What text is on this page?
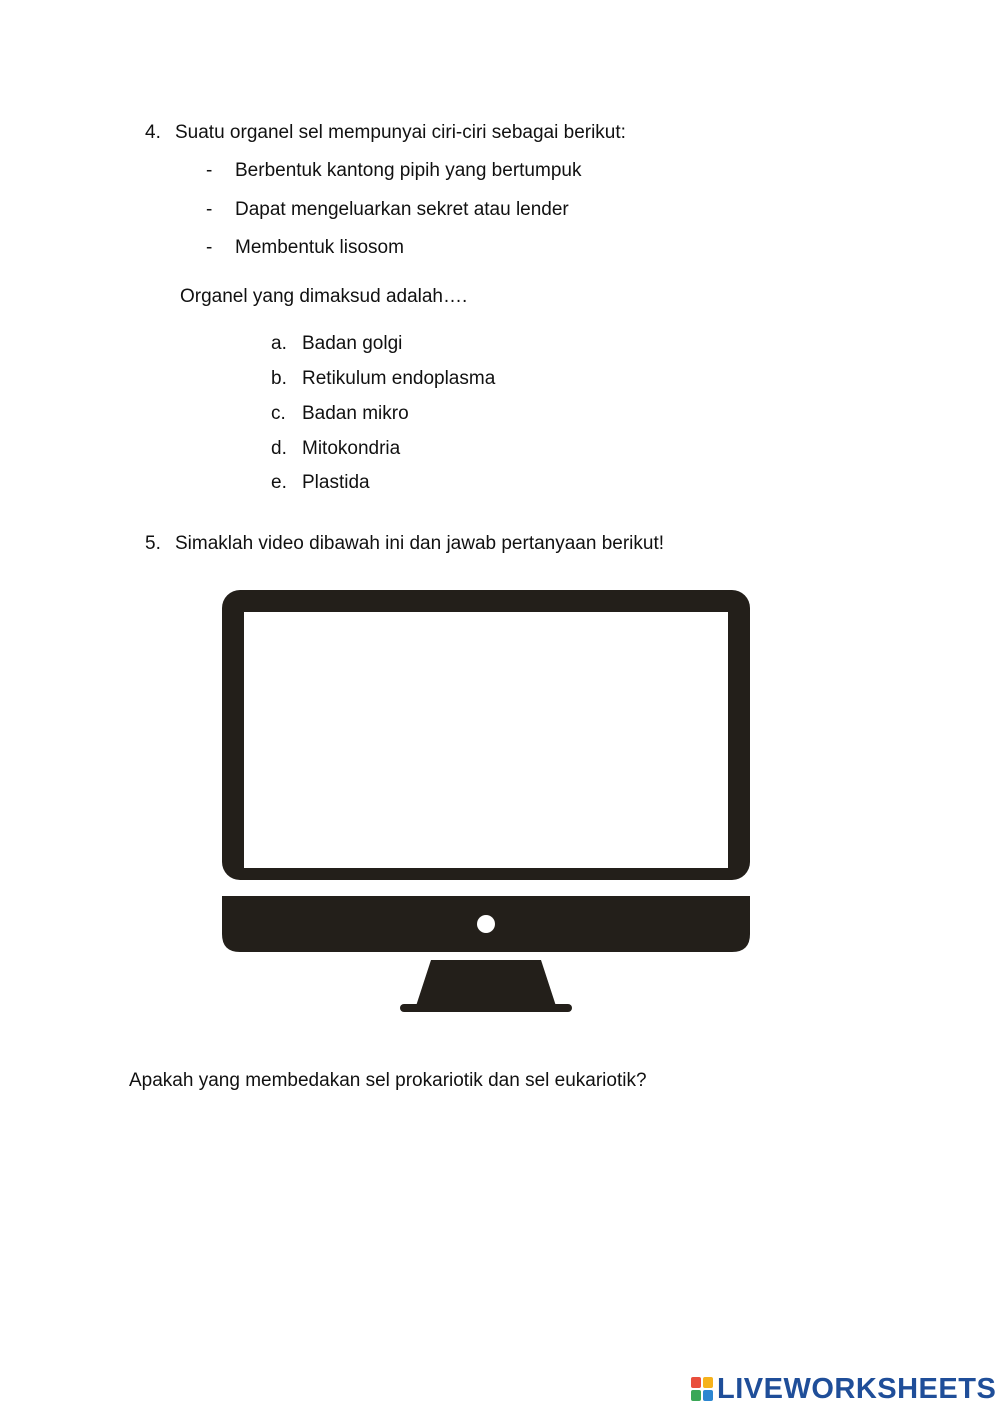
4. Suatu organel sel mempunyai ciri-ciri sebagai berikut:
- Berbentuk kantong pipih yang bertumpuk
- Dapat mengeluarkan sekret atau lender
- Membentuk lisosom
Organel yang dimaksud adalah….
a. Badan golgi
b. Retikulum endoplasma
c. Badan mikro
d. Mitokondria
e. Plastida
5. Simaklah video dibawah ini dan jawab pertanyaan berikut!
Apakah yang membedakan sel prokariotik dan sel eukariotik?
LIVEWORKSHEETS
